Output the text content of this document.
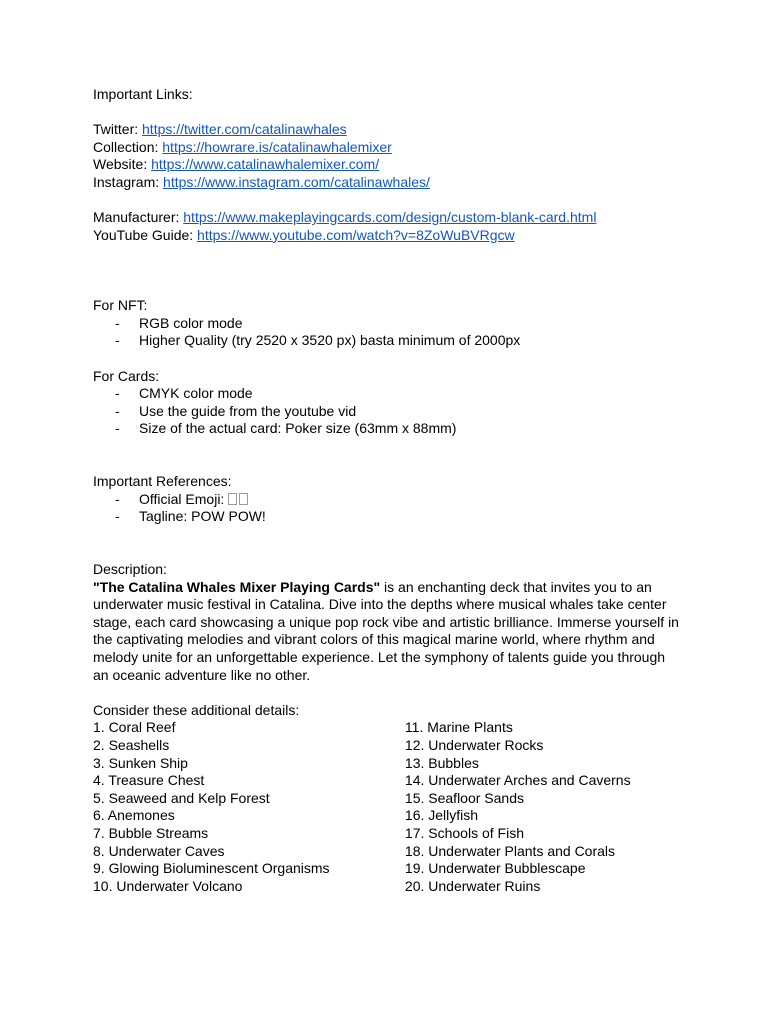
Important Links:
Twitter: https://twitter.com/catalinawhales
Collection: https://howrare.is/catalinawhalemixer
Website: https://www.catalinawhalemixer.com/
Instagram: https://www.instagram.com/catalinawhales/
Manufacturer: https://www.makeplayingcards.com/design/custom-blank-card.html
YouTube Guide: https://www.youtube.com/watch?v=8ZoWuBVRgcw
For NFT:
- RGB color mode
- Higher Quality (try 2520 x 3520 px) basta minimum of 2000px
For Cards:
- CMYK color mode
- Use the guide from the youtube vid
- Size of the actual card: Poker size (63mm x 88mm)
Important References:
- Official Emoji:
- Tagline: POW POW!
Description:
"The Catalina Whales Mixer Playing Cards" is an enchanting deck that invites you to an underwater music festival in Catalina. Dive into the depths where musical whales take center stage, each card showcasing a unique pop rock vibe and artistic brilliance. Immerse yourself in the captivating melodies and vibrant colors of this magical marine world, where rhythm and melody unite for an unforgettable experience. Let the symphony of talents guide you through an oceanic adventure like no other.
Consider these additional details:
1. Coral Reef
2. Seashells
3. Sunken Ship
4. Treasure Chest
5. Seaweed and Kelp Forest
6. Anemones
7. Bubble Streams
8. Underwater Caves
9. Glowing Bioluminescent Organisms
10. Underwater Volcano
11. Marine Plants
12. Underwater Rocks
13. Bubbles
14. Underwater Arches and Caverns
15. Seafloor Sands
16. Jellyfish
17. Schools of Fish
18. Underwater Plants and Corals
19. Underwater Bubblescape
20. Underwater Ruins
